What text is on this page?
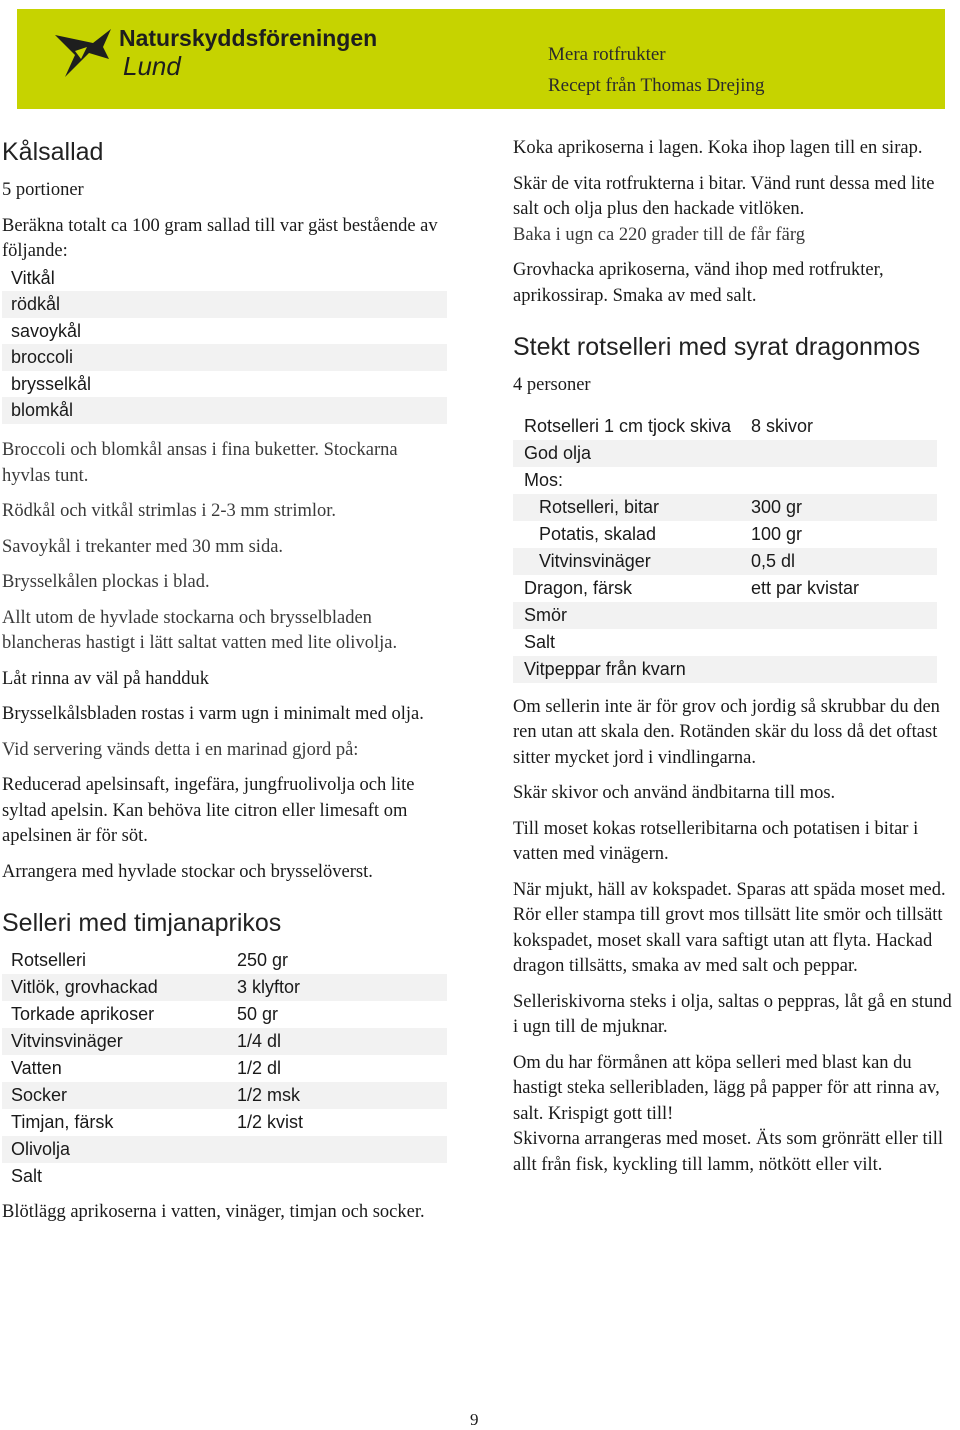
Naturskyddsföreningen
Lund	Mera rotfrukter
Recept från Thomas Drejing
Kålsallad

5 portioner

Beräkna totalt ca 100 gram sallad till var gäst bestående av följande:

Vitkål
rödkål
savoykål
broccoli
brysselkål
blomkål

Broccoli och blomkål ansas i fina buketter. Stockarna hyvlas tunt.

Rödkål och vitkål strimlas i 2-3 mm strimlor.

Savoykål i trekanter med 30 mm sida.

Brysselkålen plockas i blad.

Allt utom de hyvlade stockarna och brysselbladen blancheras hastigt i lätt saltat vatten med lite olivolja.

Låt rinna av väl på handduk

Brysselkålsbladen rostas i varm ugn i minimalt med olja.

Vid servering vänds detta i en marinad gjord på:

Reducerad apelsinsaft, ingefära, jungfruolivolja och lite syltad apelsin. Kan behöva lite citron eller limesaft om apelsinen är för söt.

Arrangera med hyvlade stockar och brysselöverst.

Selleri med timjanaprikos
Rotselleri	250 gr
Vitlök, grovhackad	3 klyftor
Torkade aprikoser	50 gr
Vitvinsvinäger	1/4 dl
Vatten	1/2 dl
Socker	1/2 msk
Timjan, färsk	1/2 kvist
Olivolja	
Salt	

Blötlägg aprikoserna i vatten, vinäger, timjan och socker.

Koka aprikoserna i lagen. Koka ihop lagen till en sirap.

Skär de vita rotfrukterna i bitar. Vänd runt dessa med lite salt och olja plus den hackade vitlöken.

Baka i ugn ca 220 grader till de får färg

Grovhacka aprikoserna, vänd ihop med rotfrukter, aprikossirap. Smaka av med salt.

Stekt rotselleri med syrat dragonmos

4 personer

Rotselleri 1 cm tjock skiva	8 skivor
God olja	
Mos:	
Rotselleri, bitar	300 gr
Potatis, skalad	100 gr
Vitvinsvinäger	0,5 dl
Dragon, färsk	ett par kvistar
Smör	
Salt	
Vitpeppar från kvarn	

Om sellerin inte är för grov och jordig så skrubbar du den ren utan att skala den. Rotänden skär du loss då det oftast sitter mycket jord i vindlingarna.

Skär skivor och använd ändbitarna till mos.

Till moset kokas rotselleribitarna och potatisen i bitar i vatten med vinägern.

När mjukt, häll av kokspadet. Sparas att späda moset med. Rör eller stampa till grovt mos tillsätt lite smör och tillsätt kokspadet, moset skall vara saftigt utan att flyta. Hackad dragon tillsätts, smaka av med salt och peppar.

Selleriskivorna steks i olja, saltas o peppras, låt gå en stund i ugn till de mjuknar.

Om du har förmånen att köpa selleri med blast kan du hastigt steka selleribladen, lägg på papper för att rinna av, salt. Krispigt gott till!

Skivorna arrangeras med moset. Äts som grönrätt eller till allt från fisk, kyckling till lamm, nötkött eller vilt.

9
